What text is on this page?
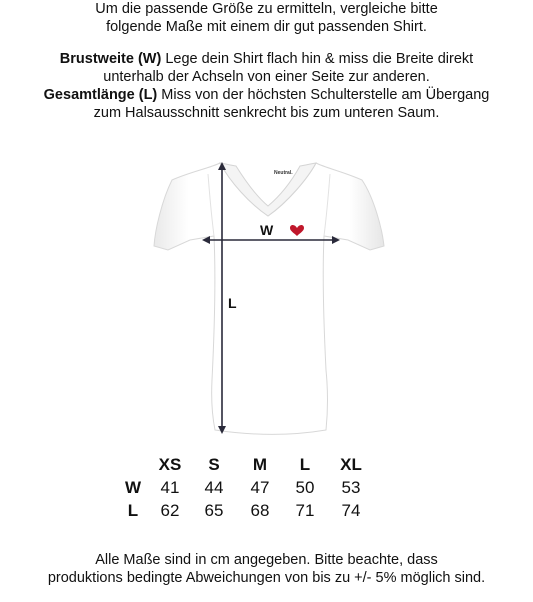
Um die passende Größe zu ermitteln, vergleiche bitte
folgende Maße mit einem dir gut passenden Shirt.

Brustweite (W) Lege dein Shirt flach hin & miss die Breite direkt
unterhalb der Achseln von einer Seite zur anderen.
Gesamtlänge (L) Miss von der höchsten Schulterstelle am Übergang
zum Halsausschnitt senkrecht bis zum unteren Saum.

Neutral.
W
L
	XS	S	M	L	XL
W	41	44	47	50	53
L	62	65	68	71	74
Alle Maße sind in cm angegeben. Bitte beachte, dass
produktions bedingte Abweichungen von bis zu +/- 5% möglich sind.
